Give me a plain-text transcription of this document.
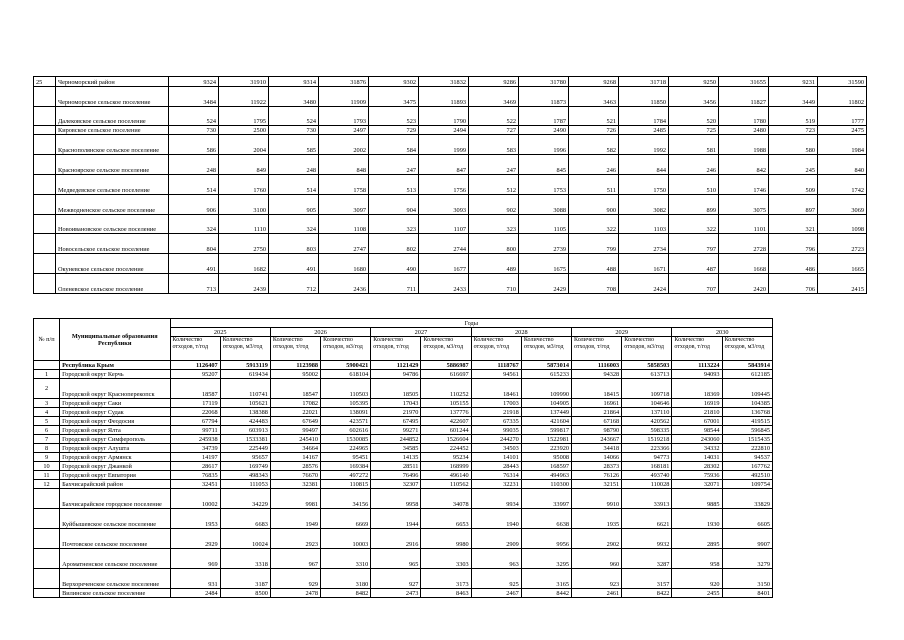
25	Черноморский район	9324	31910	9314	31876	9302	31832	9286	31780	9268	31718	9250	31655	9231	31590
	Черноморское сельское поселение	3484	11922	3480	11909	3475	11893	3469	11873	3463	11850	3456	11827	3449	11802
	Далековское сельское поселение	524	1795	524	1793	523	1790	522	1787	521	1784	520	1780	519	1777
	Кировское сельское поселение	730	2500	730	2497	729	2494	727	2490	726	2485	725	2480	723	2475
	Краснополянское сельское поселение	586	2004	585	2002	584	1999	583	1996	582	1992	581	1988	580	1984
	Красноярское сельское поселение	248	849	248	848	247	847	247	845	246	844	246	842	245	840
	Медведевское сельское поселение	514	1760	514	1758	513	1756	512	1753	511	1750	510	1746	509	1742
	Межводненское сельское поселение	906	3100	905	3097	904	3093	902	3088	900	3082	899	3075	897	3069
	Новоивановское сельское поселение	324	1110	324	1108	323	1107	323	1105	322	1103	322	1101	321	1098
	Новосельское сельское поселение	804	2750	803	2747	802	2744	800	2739	799	2734	797	2728	796	2723
	Окуневское сельское поселение	491	1682	491	1680	490	1677	489	1675	488	1671	487	1668	486	1665
	Оленевское сельское поселение	713	2439	712	2436	711	2433	710	2429	708	2424	707	2420	706	2415
№ п/п	Муниципальные образования Республики	Годы											
		2025		2026		2027		2028		2029		2030	
		Количество отходов, т/год	Количество отходов, м3/год	Количество отходов, т/год	Количество отходов, м3/год	Количество отходов, т/год	Количество отходов, м3/год	Количество отходов, т/год	Количество отходов, м3/год	Количество отходов, т/год	Количество отходов, м3/год	Количество отходов, т/год	Количество отходов, м3/год
	Республика Крым	1126407	5913119	1123988	5900421	1121429	5886987	1118767	5873014	1116003	5858503	1113224	5843914
1	Городской округ Керчь	95207	619434	95002	618104	94786	616697	94561	615233	94328	613713	94093	612185
2	Городской округ Красноперекопск	18587	110741	18547	110503	18505	110252	18461	109990	18415	109718	18369	109445
3	Городской округ Саки	17119	105621	17082	105395	17043	105155	17003	104905	16961	104646	16919	104385
4	Городской округ Судак	22068	138388	22021	138091	21970	137776	21918	137449	21864	137110	21810	136768
5	Городской округ Феодосия	67794	424483	67649	423571	67495	422607	67335	421604	67168	420562	67001	419515
6	Городской округ Ялта	99711	603913	99497	602616	99271	601244	99035	599817	98790	598335	98544	596845
7	Городской округ Симферополь	245938	1533381	245410	1530085	244852	1526604	244270	1522981	243667	1519218	243060	1515435
8	Городской округ Алушта	34739	225449	34664	224965	34585	224452	34503	223920	34418	223366	34332	222810
9	Городской округ Армянск	14197	95657	14167	95451	14135	95234	14101	95008	14066	94773	14031	94537
10	Городской округ Джанкой	28617	169749	28576	169384	28511	168999	28443	168597	28373	168181	28302	167762
11	Городской округ Евпатория	76835	498343	76670	497272	76496	496140	76314	494963	76126	493740	75936	492510
12	Бахчисарайский район	32451	111053	32381	110815	32307	110562	32231	110300	32151	110028	32071	109754
	Бахчисарайское городское поселение	10002	34229	9981	34156	9958	34078	9934	33997	9910	33913	9885	33829
	Куйбышевское сельское поселение	1953	6683	1949	6669	1944	6653	1940	6638	1935	6621	1930	6605
	Почтовское сельское поселение	2929	10024	2923	10003	2916	9980	2909	9956	2902	9932	2895	9907
	Ароматненское сельское поселение	969	3318	967	3310	965	3303	963	3295	960	3287	958	3279
	Верхореченское сельское поселение	931	3187	929	3180	927	3173	925	3165	923	3157	920	3150
	Вилинское сельское поселение	2484	8500	2478	8482	2473	8463	2467	8442	2461	8422	2455	8401
